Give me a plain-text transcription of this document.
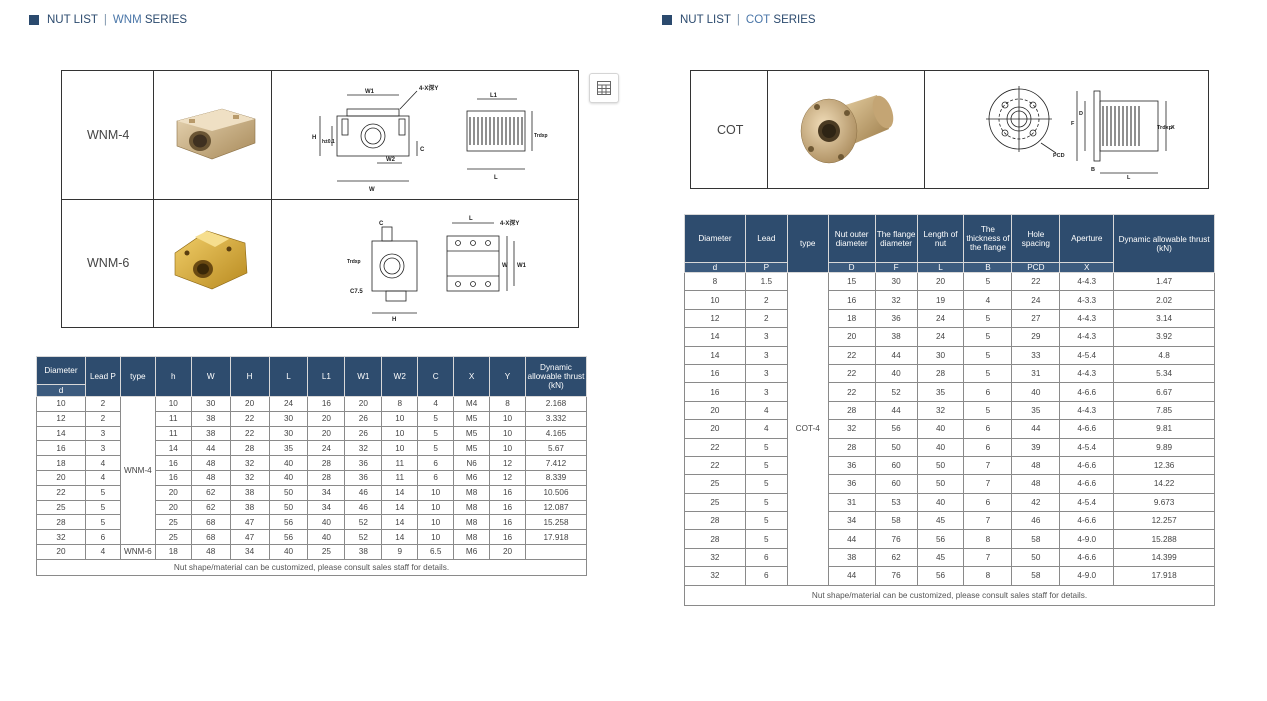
NUT LIST | WNM
SERIES	NUT LIST | COT
SERIES
WNM-4
WNM-6
W1	4-X深Y
L1
L
W
W2
H
C
h±0.1
Trdxp
C
L
4-X深Y
Trdxp
W1
W
C7.5
H
COT	F
D
Trdxp X
PCD
L
B
Diameter	Lead P	type	h	W	H	L	L1	W1	W2	C	X	Y	Dynamic allowable thrust (kN)
d													
10	2	WNM-4	10	30	20	24	16	20	8	4	M4	8	2.168
12	2		11	38	22	30	20	26	10	5	M5	10	3.332
14	3		11	38	22	30	20	26	10	5	M5	10	4.165
16	3		14	44	28	35	24	32	10	5	M5	10	5.67
18	4		16	48	32	40	28	36	11	6	N6	12	7.412
20	4		16	48	32	40	28	36	11	6	M6	12	8.339
22	5		20	62	38	50	34	46	14	10	M8	16	10.506
25	5		20	62	38	50	34	46	14	10	M8	16	12.087
28	5		25	68	47	56	40	52	14	10	M8	16	15.258
32	6		25	68	47	56	40	52	14	10	M8	16	17.918
20	4	WNM-6	18	48	34	40	25	38	9	6.5	M6	20	
Nut shape/material can be customized, please consult sales staff for details.													
Diameter	Lead	type	Nut outer diameter	The flange diameter	Length of nut	The thickness of the flange	Hole spacing	Aperture	Dynamic allowable thrust (kN)
d	P		D	F	L	B	PCD	X	
8	1.5	COT-4	15	30	20	5	22	4-4.3	1.47
10	2		16	32	19	4	24	4-3.3	2.02
12	2		18	36	24	5	27	4-4.3	3.14
14	3		20	38	24	5	29	4-4.3	3.92
14	3		22	44	30	5	33	4-5.4	4.8
16	3		22	40	28	5	31	4-4.3	5.34
16	3		22	52	35	6	40	4-6.6	6.67
20	4		28	44	32	5	35	4-4.3	7.85
20	4		32	56	40	6	44	4-6.6	9.81
22	5		28	50	40	6	39	4-5.4	9.89
22	5		36	60	50	7	48	4-6.6	12.36
25	5		36	60	50	7	48	4-6.6	14.22
25	5		31	53	40	6	42	4-5.4	9.673
28	5		34	58	45	7	46	4-6.6	12.257
28	5		44	76	56	8	58	4-9.0	15.288
32	6		38	62	45	7	50	4-6.6	14.399
32	6		44	76	56	8	58	4-9.0	17.918
Nut shape/material can be customized, please consult sales staff for details.									
